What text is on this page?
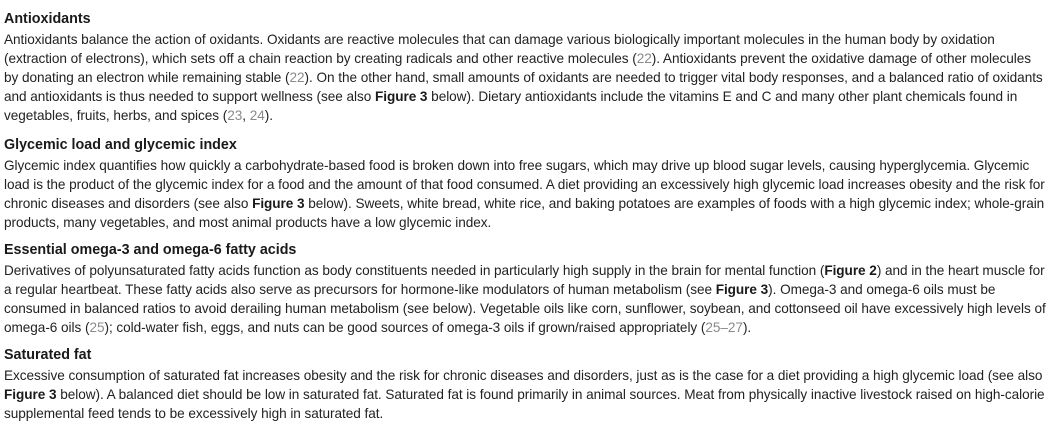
Antioxidants

Antioxidants balance the action of oxidants. Oxidants are reactive molecules that can damage various biologically important molecules in the human body by oxidation (extraction of electrons), which sets off a chain reaction by creating radicals and other reactive molecules (22). Antioxidants prevent the oxidative damage of other molecules by donating an electron while remaining stable (22). On the other hand, small amounts of oxidants are needed to trigger vital body responses, and a balanced ratio of oxidants and antioxidants is thus needed to support wellness (see also Figure 3 below). Dietary antioxidants include the vitamins E and C and many other plant chemicals found in vegetables, fruits, herbs, and spices (23, 24).

Glycemic load and glycemic index

Glycemic index quantifies how quickly a carbohydrate-based food is broken down into free sugars, which may drive up blood sugar levels, causing hyperglycemia. Glycemic load is the product of the glycemic index for a food and the amount of that food consumed. A diet providing an excessively high glycemic load increases obesity and the risk for chronic diseases and disorders (see also Figure 3 below). Sweets, white bread, white rice, and baking potatoes are examples of foods with a high glycemic index; whole-grain products, many vegetables, and most animal products have a low glycemic index.

Essential omega-3 and omega-6 fatty acids

Derivatives of polyunsaturated fatty acids function as body constituents needed in particularly high supply in the brain for mental function (Figure 2) and in the heart muscle for a regular heartbeat. These fatty acids also serve as precursors for hormone-like modulators of human metabolism (see Figure 3). Omega-3 and omega-6 oils must be consumed in balanced ratios to avoid derailing human metabolism (see below). Vegetable oils like corn, sunflower, soybean, and cottonseed oil have excessively high levels of omega-6 oils (25); cold-water fish, eggs, and nuts can be good sources of omega-3 oils if grown/raised appropriately (25–27).

Saturated fat

Excessive consumption of saturated fat increases obesity and the risk for chronic diseases and disorders, just as is the case for a diet providing a high glycemic load (see also Figure 3 below). A balanced diet should be low in saturated fat. Saturated fat is found primarily in animal sources. Meat from physically inactive livestock raised on high-calorie supplemental feed tends to be excessively high in saturated fat.
